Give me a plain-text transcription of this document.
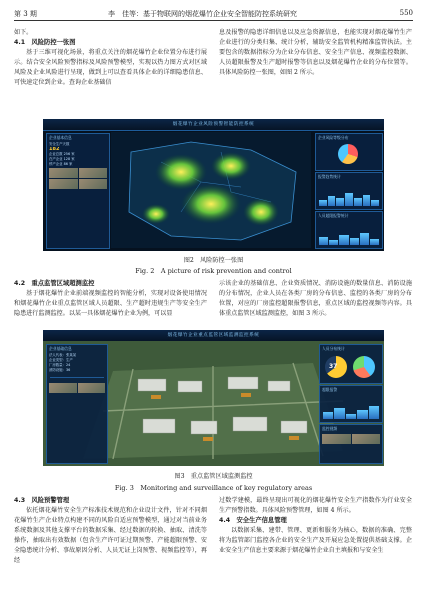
第 3 期	李　佳等：基于物联网的烟花爆竹企业安全智能防控系统研究	550

如下。

4.1　风险防控一张图

基于三维可视化场景，将重点关注的烟花爆竹企业位置分布进行展示。结合安全风险预警指标及风险预警模型，实现以热力图方式对区域风险及企业风险进行呈现，做到上可以查看具体企业的详细隐患信息、可快速定位到企业。查询企业基础信

息及报警的隐患详细信息以及应急资源信息，也能实现对烟花爆竹生产企业进行的分类归集、统计分析，辅助安全监管机构精准监管执法。主要包含的数据指标分为企业分布信息、安全生产信息、视频监控数据、人员超限报警及生产超时报警等信息以及烟花爆竹企业的分布位置等。具体风险防控一张图，如图 2 所示。

烟花爆竹企业风险预警智能防控系统
企业基本信息
安全生产天数
182
企业总数 256 家
在产企业 128 家
停产企业 86 家
企业风险等级分布
报警趋势统计
人员超限报警统计
图2　风险防控一张图
Fig. 2　A picture of risk prevention and control

4.2　重点监管区域超测监控

基于烟花爆竹企业前端视频监控的智能分析，实现对设备使用情况和烟花爆竹企业重点监管区域人员超限、生产超时违规生产等安全生产隐患进行监测监控。以某一具体烟花爆竹企业为例，可以显

示该企业的基础信息、企业资质情况、消防设施的数量信息、消防设施的分布情况，企业人员在各类厂房的分布信息、监控的各类厂房的分布位置，对应的厂房监控超限报警信息，重点区域的监控视频等内容。具体重点监管区域监测监控，如图 3 所示。

烟花爆竹企业重点监管区域监测监控系统
企业基础信息
法人代表：张某某
企业类型：生产
厂房数量：24
消防设施：36
人员分布统计
37
超限报警
监控视频
图3　重点监管区域监测监控
Fig. 3　Monitoring and surveillance of key regulatory areas

4.3　风险预警管理

依托烟花爆竹安全生产标准技术规范和企业设计文件，针对不同烟花爆竹生产企业特点构建不同的风险自适应预警模型，通过对当前业务系统数据及其他支撑平台的数据采集、经过数据的转换、抽取、清洗等操作，抽取出有效数据（包含生产许可证过期预警、产能超限预警、安全隐患统计分析、事故原因分析、人员无证上岗预警、视频监控等），再经

过数学建模，最终呈现出可视化的烟花爆竹安全生产指数作为行业安全生产预警指数。具体风险预警管理，如图 4 所示。

4.4　安全生产信息管理

以数据采集、建带、管理、更新和服务为核心，数据的准确、完整将为监管部门监控各企业的安全生产及开展应急处置提供基础支撑。企业安全生产信息主要来源于烟花爆竹企业自主填报和与安全生
